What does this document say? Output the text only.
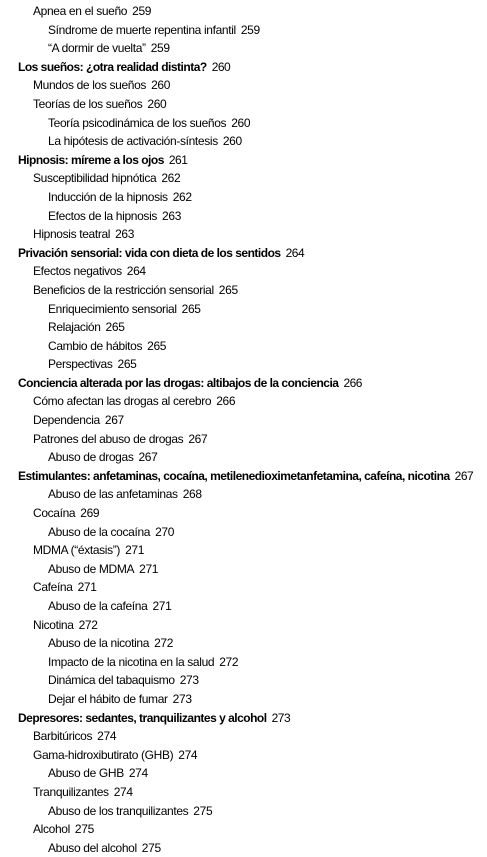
Apnea en el sueño 259
Síndrome de muerte repentina infantil 259
“A dormir de vuelta” 259
Los sueños: ¿otra realidad distinta? 260
Mundos de los sueños 260
Teorías de los sueños 260
Teoría psicodinámica de los sueños 260
La hipótesis de activación-síntesis 260
Hipnosis: míreme a los ojos 261
Susceptibilidad hipnótica 262
Inducción de la hipnosis 262
Efectos de la hipnosis 263
Hipnosis teatral 263
Privación sensorial: vida con dieta de los sentidos 264
Efectos negativos 264
Beneficios de la restricción sensorial 265
Enriquecimiento sensorial 265
Relajación 265
Cambio de hábitos 265
Perspectivas 265
Conciencia alterada por las drogas: altibajos de la conciencia 266
Cómo afectan las drogas al cerebro 266
Dependencia 267
Patrones del abuso de drogas 267
Abuso de drogas 267
Estimulantes: anfetaminas, cocaína, metilenedioximetanfetamina, cafeína, nicotina 267
Abuso de las anfetaminas 268
Cocaína 269
Abuso de la cocaína 270
MDMA (“éxtasis”) 271
Abuso de MDMA 271
Cafeína 271
Abuso de la cafeína 271
Nicotina 272
Abuso de la nicotina 272
Impacto de la nicotina en la salud 272
Dinámica del tabaquismo 273
Dejar el hábito de fumar 273
Depresores: sedantes, tranquilizantes y alcohol 273
Barbitúricos 274
Gama-hidroxibutirato (GHB) 274
Abuso de GHB 274
Tranquilizantes 274
Abuso de los tranquilizantes 275
Alcohol 275
Abuso del alcohol 275
